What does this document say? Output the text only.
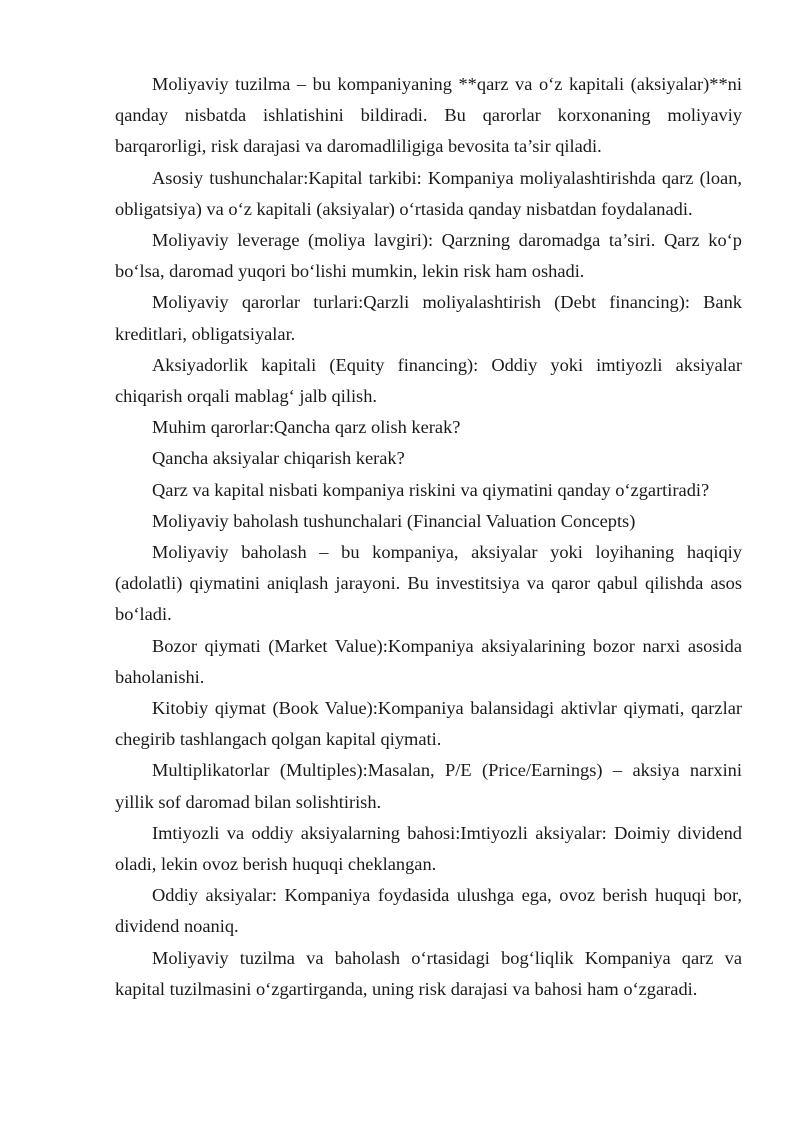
Moliyaviy tuzilma – bu kompaniyaning **qarz va o‘z kapitali (aksiyalar)**ni qanday nisbatda ishlatishini bildiradi. Bu qarorlar korxonaning moliyaviy barqarorligi, risk darajasi va daromadliligiga bevosita ta’sir qiladi.

Asosiy tushunchalar:Kapital tarkibi: Kompaniya moliyalashtirishda qarz (loan, obligatsiya) va o‘z kapitali (aksiyalar) o‘rtasida qanday nisbatdan foydalanadi.

Moliyaviy leverage (moliya lavgiri): Qarzning daromadga ta’siri. Qarz ko‘p bo‘lsa, daromad yuqori bo‘lishi mumkin, lekin risk ham oshadi.

Moliyaviy qarorlar turlari:Qarzli moliyalashtirish (Debt financing): Bank kreditlari, obligatsiyalar.

Aksiyadorlik kapitali (Equity financing): Oddiy yoki imtiyozli aksiyalar chiqarish orqali mablag‘ jalb qilish.

Muhim qarorlar:Qancha qarz olish kerak?

Qancha aksiyalar chiqarish kerak?

Qarz va kapital nisbati kompaniya riskini va qiymatini qanday o‘zgartiradi?

Moliyaviy baholash tushunchalari (Financial Valuation Concepts)

Moliyaviy baholash – bu kompaniya, aksiyalar yoki loyihaning haqiqiy (adolatli) qiymatini aniqlash jarayoni. Bu investitsiya va qaror qabul qilishda asos bo‘ladi.

Bozor qiymati (Market Value):Kompaniya aksiyalarining bozor narxi asosida baholanishi.

Kitobiy qiymat (Book Value):Kompaniya balansidagi aktivlar qiymati, qarzlar chegirib tashlangach qolgan kapital qiymati.

Multiplikatorlar (Multiples):Masalan, P/E (Price/Earnings) – aksiya narxini yillik sof daromad bilan solishtirish.

Imtiyozli va oddiy aksiyalarning bahosi:Imtiyozli aksiyalar: Doimiy dividend oladi, lekin ovoz berish huquqi cheklangan.

Oddiy aksiyalar: Kompaniya foydasida ulushga ega, ovoz berish huquqi bor, dividend noaniq.

Moliyaviy tuzilma va baholash o‘rtasidagi bog‘liqlik Kompaniya qarz va kapital tuzilmasini o‘zgartirganda, uning risk darajasi va bahosi ham o‘zgaradi.
